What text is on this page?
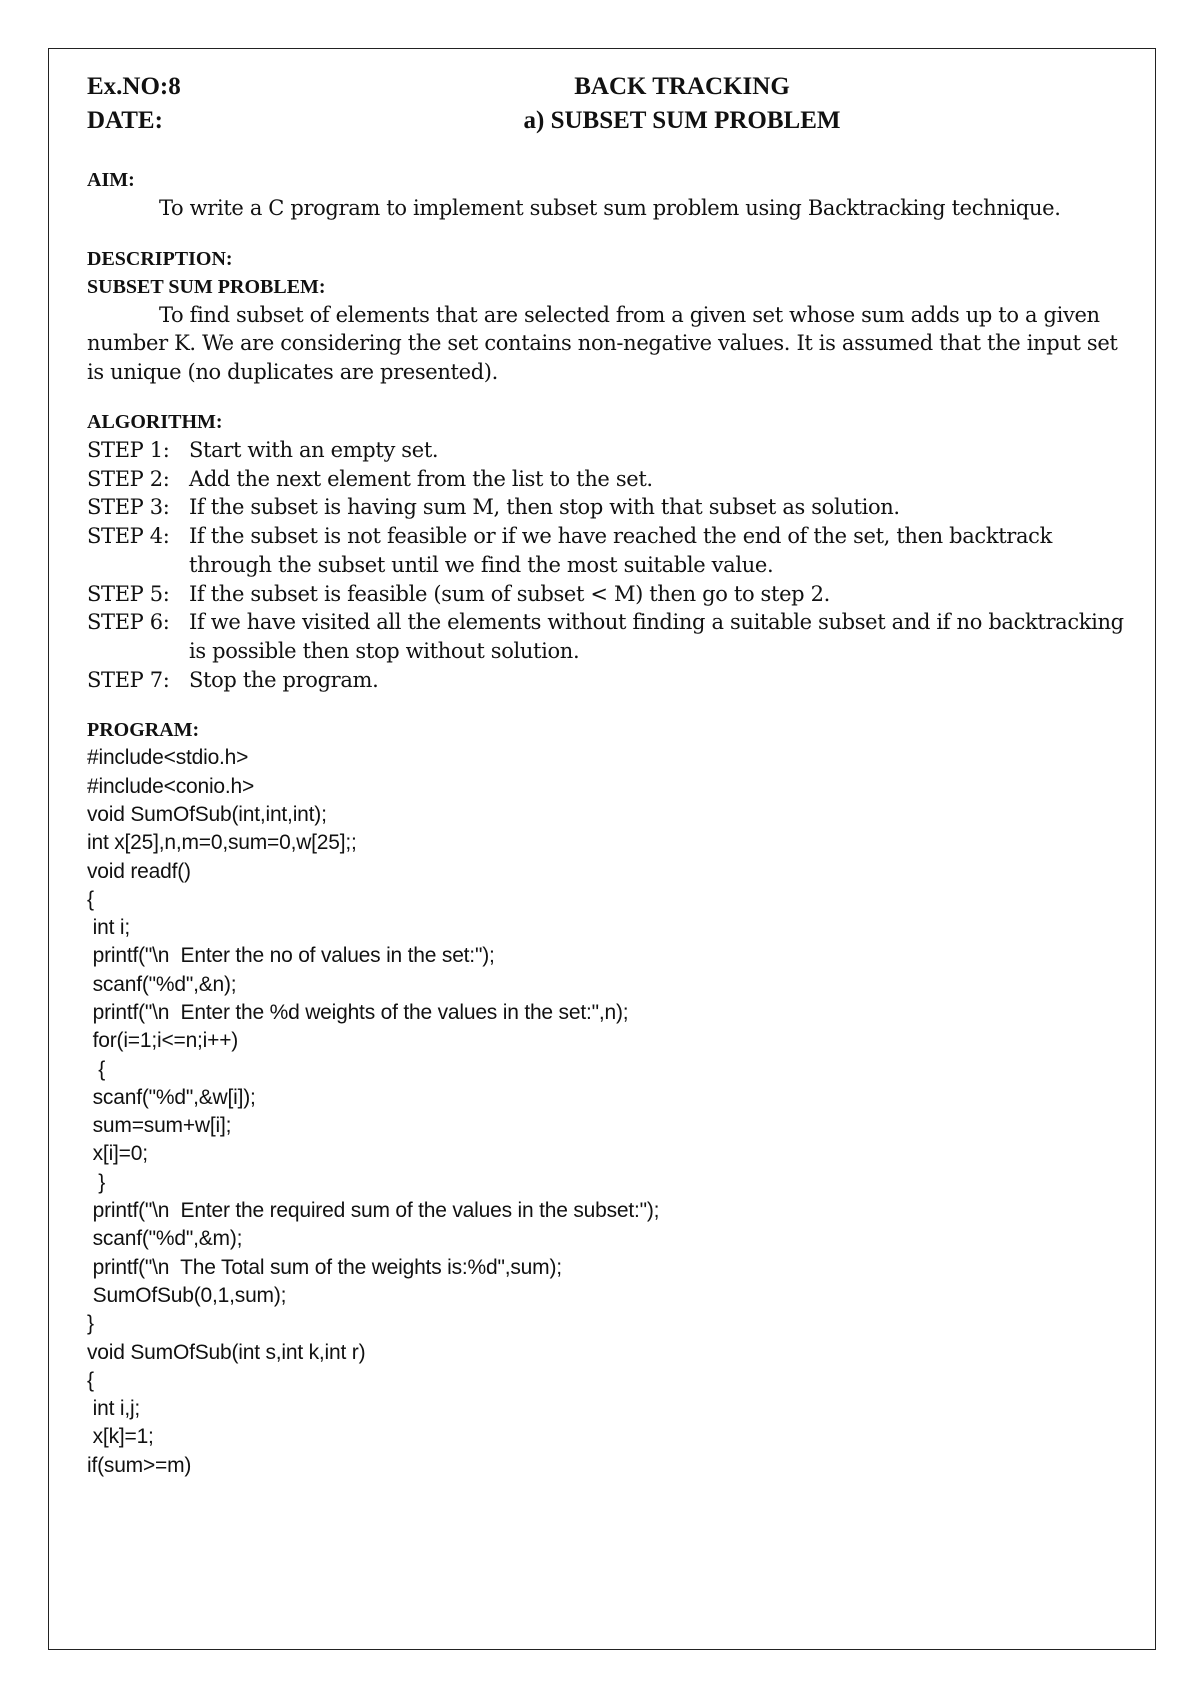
Ex.NO:8	BACK TRACKING
DATE:	a) SUBSET SUM PROBLEM

AIM:

To write a C program to implement subset sum problem using Backtracking technique.

DESCRIPTION:

SUBSET SUM PROBLEM:

To find subset of elements that are selected from a given set whose sum adds up to a given number K. We are considering the set contains non-negative values. It is assumed that the input set is unique (no duplicates are presented).

ALGORITHM:

STEP 1: Start with an empty set.
STEP 2: Add the next element from the list to the set.
STEP 3: If the subset is having sum M, then stop with that subset as solution.
STEP 4: If the subset is not feasible or if we have reached the end of the set, then backtrack through the subset until we find the most suitable value.
STEP 5: If the subset is feasible (sum of subset < M) then go to step 2.
STEP 6: If we have visited all the elements without finding a suitable subset and if no backtracking is possible then stop without solution.
STEP 7: Stop the program.

PROGRAM:

#include<stdio.h>
#include<conio.h>
void SumOfSub(int,int,int);
int x[25],n,m=0,sum=0,w[25];;
void readf()
{
int i;
printf("\n  Enter the no of values in the set:");
scanf("%d",&n);
printf("\n  Enter the %d weights of the values in the set:",n);
for(i=1;i<=n;i++)
{
scanf("%d",&w[i]);
sum=sum+w[i];
x[i]=0;
}
printf("\n  Enter the required sum of the values in the subset:");
scanf("%d",&m);
printf("\n  The Total sum of the weights is:%d",sum);
SumOfSub(0,1,sum);
}
void SumOfSub(int s,int k,int r)
{
int i,j;
x[k]=1;
if(sum>=m)
